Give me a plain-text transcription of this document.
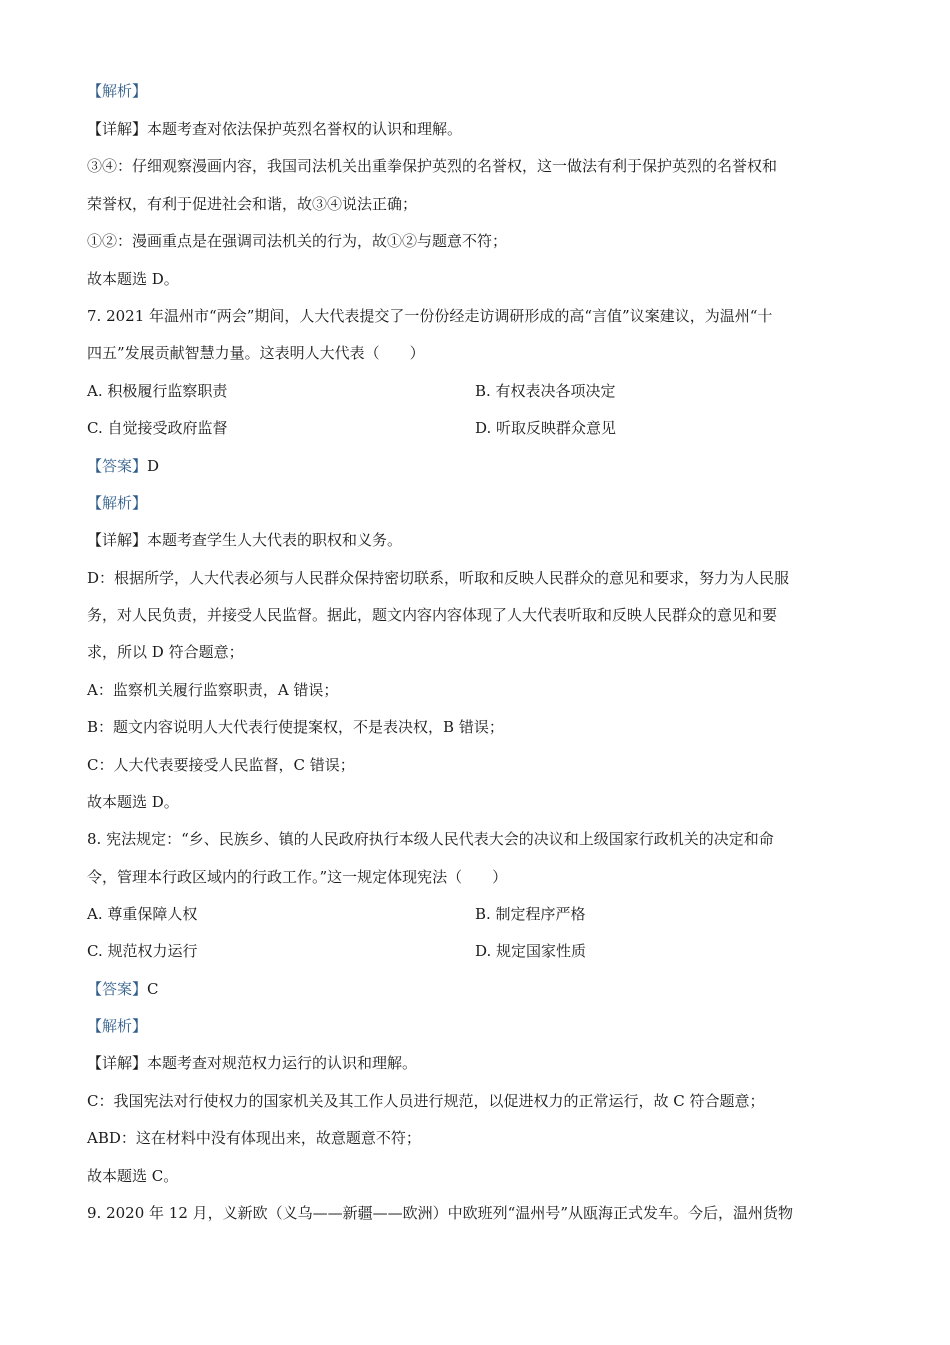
【解析】
【详解】本题考查对依法保护英烈名誉权的认识和理解。
③④：仔细观察漫画内容，我国司法机关出重拳保护英烈的名誉权，这一做法有利于保护英烈的名誉权和
荣誉权，有利于促进社会和谐，故③④说法正确；
①②：漫画重点是在强调司法机关的行为，故①②与题意不符；
故本题选 D。
7. 2021 年温州市“两会”期间，人大代表提交了一份份经走访调研形成的高“言值”议案建议，为温州“十
四五”发展贡献智慧力量。这表明人大代表（　　）
A. 积极履行监察职责	B. 有权表决各项决定
C. 自觉接受政府监督	D. 听取反映群众意见
【答案】D
【解析】
【详解】本题考查学生人大代表的职权和义务。
D：根据所学，人大代表必须与人民群众保持密切联系，听取和反映人民群众的意见和要求，努力为人民服
务，对人民负责，并接受人民监督。据此，题文内容内容体现了人大代表听取和反映人民群众的意见和要
求，所以 D 符合题意；
A：监察机关履行监察职责，A 错误；
B：题文内容说明人大代表行使提案权，不是表决权，B 错误；
C：人大代表要接受人民监督，C 错误；
故本题选 D。
8. 宪法规定：“乡、民族乡、镇的人民政府执行本级人民代表大会的决议和上级国家行政机关的决定和命
令，管理本行政区域内的行政工作。”这一规定体现宪法（　　）
A. 尊重保障人权	B. 制定程序严格
C. 规范权力运行	D. 规定国家性质
【答案】C
【解析】
【详解】本题考查对规范权力运行的认识和理解。
C：我国宪法对行使权力的国家机关及其工作人员进行规范，以促进权力的正常运行，故 C 符合题意；
ABD：这在材料中没有体现出来，故意题意不符；
故本题选 C。
9. 2020 年 12 月，义新欧（义乌——新疆——欧洲）中欧班列“温州号”从瓯海正式发车。今后，温州货物
